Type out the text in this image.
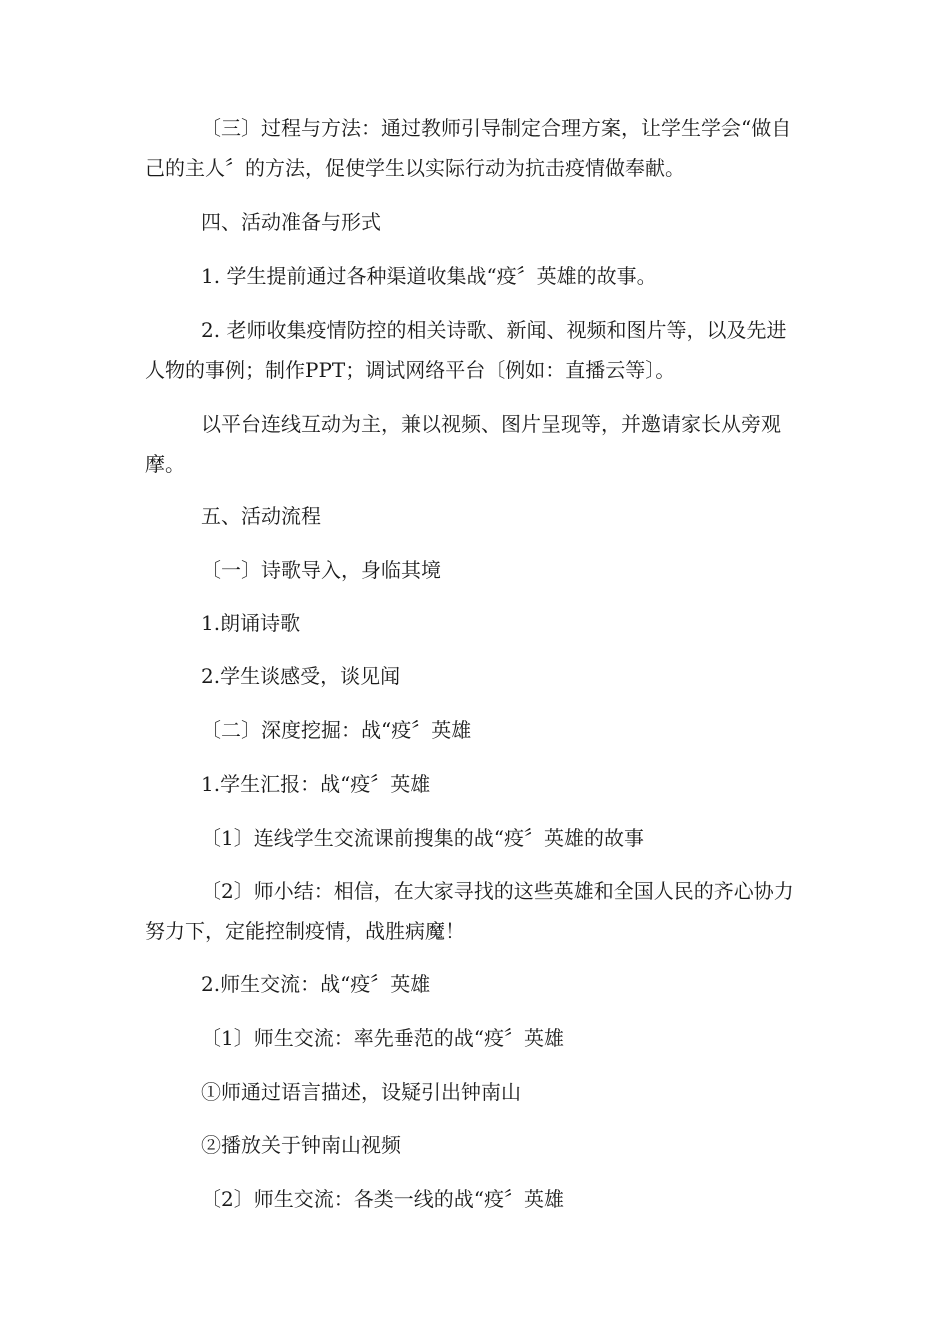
〔三〕过程与方法：通过教师引导制定合理方案，让学生学会“做自己的主人〞的方法，促使学生以实际行动为抗击疫情做奉献。
四、活动准备与形式
1. 学生提前通过各种渠道收集战“疫〞英雄的故事。
2. 老师收集疫情防控的相关诗歌、新闻、视频和图片等，以及先进人物的事例；制作PPT；调试网络平台〔例如：直播云等〕。
以平台连线互动为主，兼以视频、图片呈现等，并邀请家长从旁观摩。
五、活动流程
〔一〕诗歌导入，身临其境
1.朗诵诗歌
2.学生谈感受，谈见闻
〔二〕深度挖掘：战“疫〞英雄
1.学生汇报：战“疫〞英雄
〔1〕连线学生交流课前搜集的战“疫〞英雄的故事
〔2〕师小结：相信，在大家寻找的这些英雄和全国人民的齐心协力努力下，定能控制疫情，战胜病魔！
2.师生交流：战“疫〞英雄
〔1〕师生交流：率先垂范的战“疫〞英雄
①师通过语言描述，设疑引出钟南山
②播放关于钟南山视频
〔2〕师生交流：各类一线的战“疫〞英雄
